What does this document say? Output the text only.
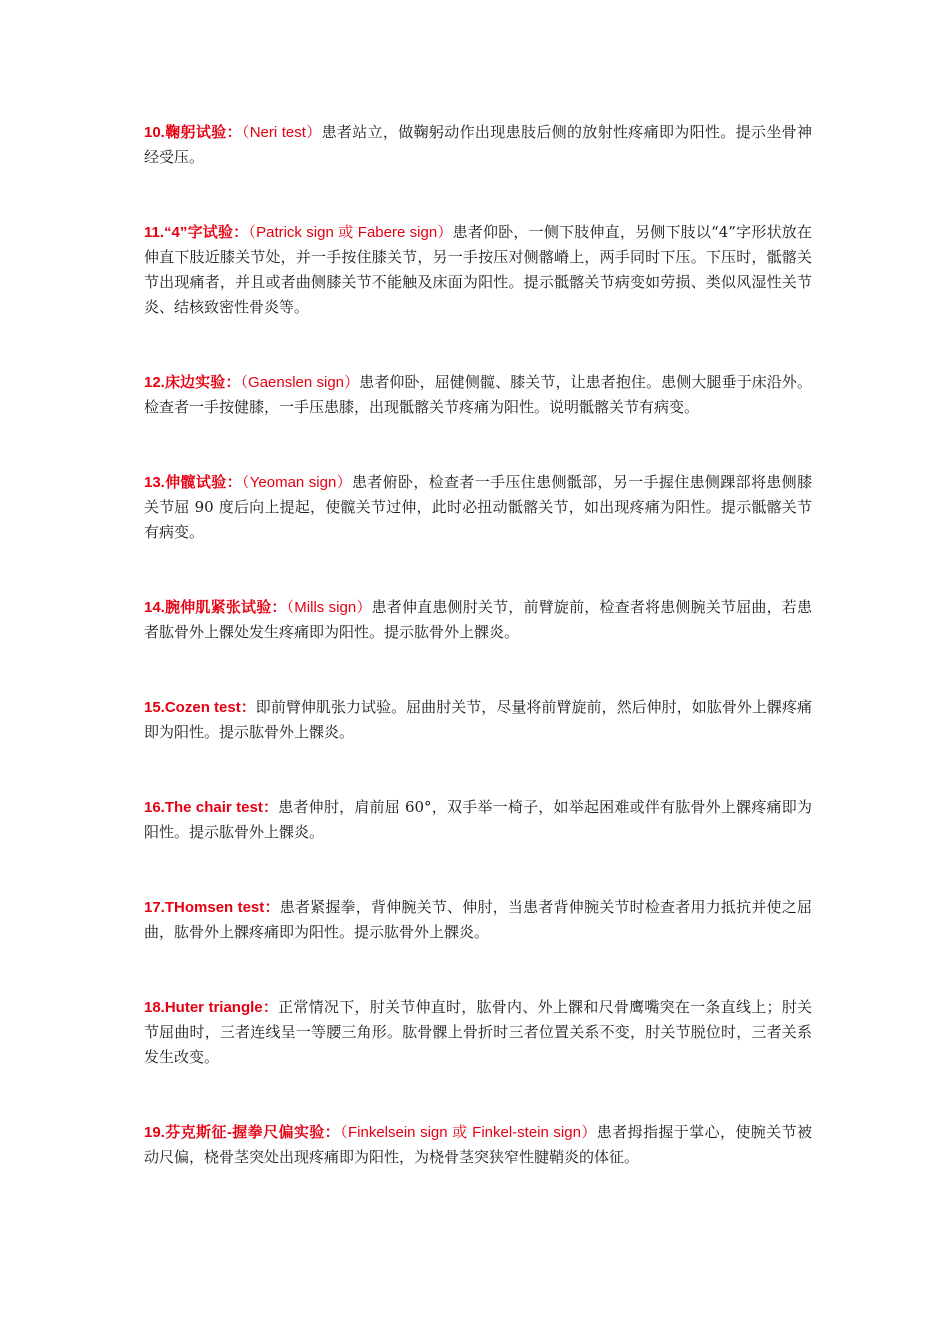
10.鞠躬试验：（Neri test）患者站立，做鞠躬动作出现患肢后侧的放射性疼痛即为阳性。提示坐骨神经受压。

11.“4”字试验：（Patrick sign 或 Fabere sign）患者仰卧，一侧下肢伸直，另侧下肢以“4”字形状放在伸直下肢近膝关节处，并一手按住膝关节，另一手按压对侧髂嵴上，两手同时下压。下压时，骶髂关节出现痛者，并且或者曲侧膝关节不能触及床面为阳性。提示骶髂关节病变如劳损、类似风湿性关节炎、结核致密性骨炎等。

12.床边实验：（Gaenslen sign）患者仰卧，屈健侧髋、膝关节，让患者抱住。患侧大腿垂于床沿外。检查者一手按健膝，一手压患膝，出现骶髂关节疼痛为阳性。说明骶髂关节有病变。

13.伸髋试验：（Yeoman sign）患者俯卧，检查者一手压住患侧骶部，另一手握住患侧踝部将患侧膝关节屈 90 度后向上提起，使髋关节过伸，此时必扭动骶髂关节，如出现疼痛为阳性。提示骶髂关节有病变。

14.腕伸肌紧张试验：（Mills sign）患者伸直患侧肘关节，前臂旋前，检查者将患侧腕关节屈曲，若患者肱骨外上髁处发生疼痛即为阳性。提示肱骨外上髁炎。

15.Cozen test：即前臂伸肌张力试验。屈曲肘关节，尽量将前臂旋前，然后伸肘，如肱骨外上髁疼痛即为阳性。提示肱骨外上髁炎。

16.The chair test：患者伸肘，肩前屈 60°，双手举一椅子，如举起困难或伴有肱骨外上髁疼痛即为阳性。提示肱骨外上髁炎。

17.THomsen test：患者紧握拳，背伸腕关节、伸肘，当患者背伸腕关节时检查者用力抵抗并使之屈曲，肱骨外上髁疼痛即为阳性。提示肱骨外上髁炎。

18.Huter triangle：正常情况下，肘关节伸直时，肱骨内、外上髁和尺骨鹰嘴突在一条直线上；肘关节屈曲时，三者连线呈一等腰三角形。肱骨髁上骨折时三者位置关系不变，肘关节脱位时，三者关系发生改变。

19.芬克斯征-握拳尺偏实验：（Finkelsein sign 或 Finkel-stein sign）患者拇指握于掌心，使腕关节被动尺偏，桡骨茎突处出现疼痛即为阳性，为桡骨茎突狭窄性腱鞘炎的体征。
